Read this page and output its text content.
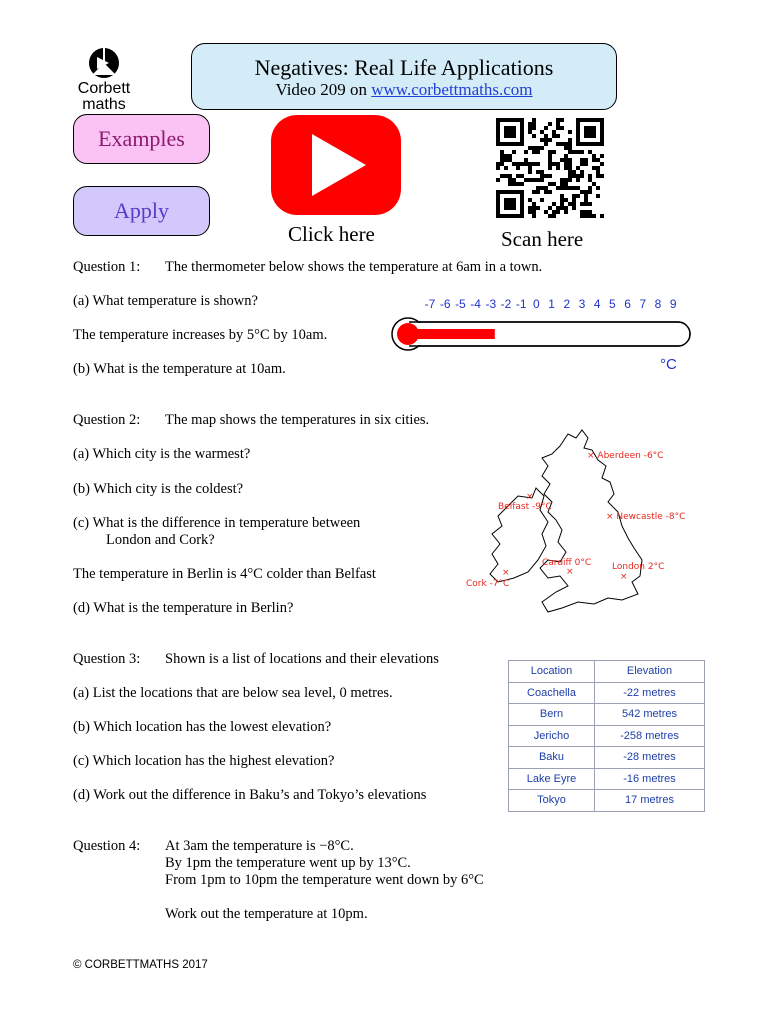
Corbett
maths
Negatives: Real Life Applications
Video 209 on www.corbettmaths.com
Examples
Apply
Click here	Scan here
Question 1: The thermometer below shows the temperature at 6am in a town.
(a) What temperature is shown?
The temperature increases by 5°C by 10am.
(b) What is the temperature at 10am.
-7 -6 -5 -4 -3 -2 -1 0 1 2 3 4 5 6 7 8 9
°C
Question 2: The map shows the temperatures in six cities.
(a) Which city is the warmest?
(b) Which city is the coldest?
(c) What is the difference in temperature between
London and Cork?
The temperature in Berlin is 4°C colder than Belfast
(d) What is the temperature in Berlin?
× Aberdeen -6°C
×
Belfast -9°C
× Newcastle -8°C
Cardiff 0°C
×	London 2°C
×
×
Cork -7°C
Question 3: Shown is a list of locations and their elevations
(a) List the locations that are below sea level, 0 metres.
(b) Which location has the lowest elevation?
(c) Which location has the highest elevation?
(d) Work out the difference in Baku’s and Tokyo’s elevations
Location	Elevation
Coachella	-22 metres
Bern	542 metres
Jericho	-258 metres
Baku	-28 metres
Lake Eyre	-16 metres
Tokyo	17 metres
Question 4: At 3am the temperature is −8°C.
By 1pm the temperature went up by 13°C.
From 1pm to 10pm the temperature went down by 6°C
Work out the temperature at 10pm.
© CORBETTMATHS 2017
